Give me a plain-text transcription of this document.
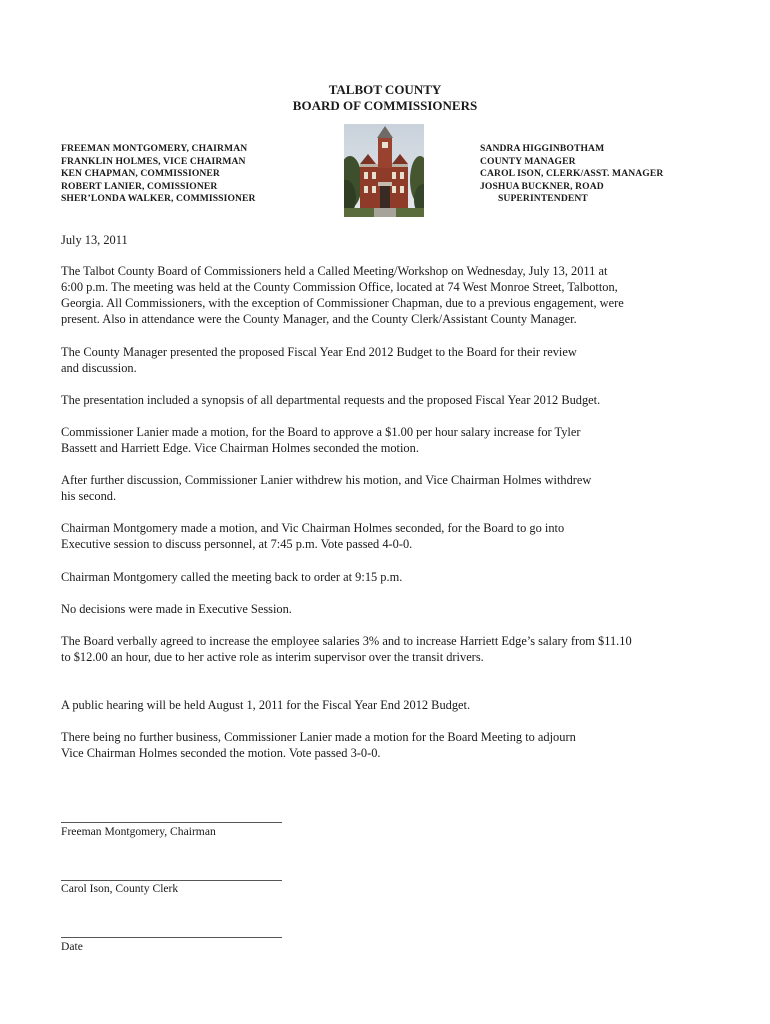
TALBOT COUNTY
BOARD OF COMMISSIONERS
FREEMAN MONTGOMERY, CHAIRMAN
FRANKLIN HOLMES, VICE CHAIRMAN
KEN CHAPMAN, COMMISSIONER
ROBERT LANIER, COMISSIONER
SHER’LONDA WALKER, COMMISSIONER
SANDRA HIGGINBOTHAM
COUNTY MANAGER
CAROL ISON, CLERK/ASST. MANAGER
JOSHUA BUCKNER, ROAD
SUPERINTENDENT
July 13, 2011
The Talbot County Board of Commissioners held a Called Meeting/Workshop on Wednesday, July 13, 2011 at
6:00 p.m. The meeting was held at the County Commission Office, located at 74 West Monroe Street, Talbotton,
Georgia. All Commissioners, with the exception of Commissioner Chapman, due to a previous engagement, were
present. Also in attendance were the County Manager, and the County Clerk/Assistant County Manager.
The County Manager presented the proposed Fiscal Year End 2012 Budget to the Board for their review
and discussion.
The presentation included a synopsis of all departmental requests and the proposed Fiscal Year 2012 Budget.
Commissioner Lanier made a motion, for the Board to approve a $1.00 per hour salary increase for Tyler
Bassett and Harriett Edge. Vice Chairman Holmes seconded the motion.
After further discussion, Commissioner Lanier withdrew his motion, and Vice Chairman Holmes withdrew
his second.
Chairman Montgomery made a motion, and Vic Chairman Holmes seconded, for the Board to go into
Executive session to discuss personnel, at 7:45 p.m. Vote passed 4-0-0.
Chairman Montgomery called the meeting back to order at 9:15 p.m.
No decisions were made in Executive Session.
The Board verbally agreed to increase the employee salaries 3% and to increase Harriett Edge’s salary from $11.10
to $12.00 an hour, due to her active role as interim supervisor over the transit drivers.
A public hearing will be held August 1, 2011 for the Fiscal Year End 2012 Budget.
There being no further business, Commissioner Lanier made a motion for the Board Meeting to adjourn
Vice Chairman Holmes seconded the motion. Vote passed 3-0-0.
Freeman Montgomery, Chairman
Carol Ison, County Clerk
Date
